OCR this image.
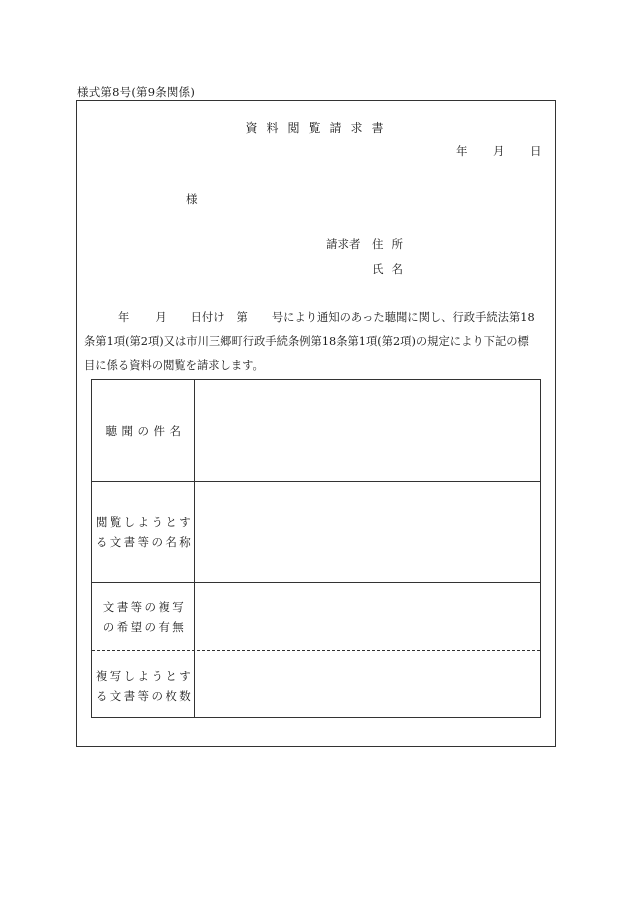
様式第8号(第9条関係)
資料閲覧請求書
年 月 日
様
請求者 住所
氏名
年 月 日付け 第 号により通知のあった聴聞に関し、行政手続法第18
条第1項(第2項)又は市川三郷町行政手続条例第18条第1項(第2項)の規定により下記の標
目に係る資料の閲覧を請求します。
聴聞の件名
閲覧しようとす
る文書等の名称
文書等の複写
の希望の有無
複写しようとす
る文書等の枚数
